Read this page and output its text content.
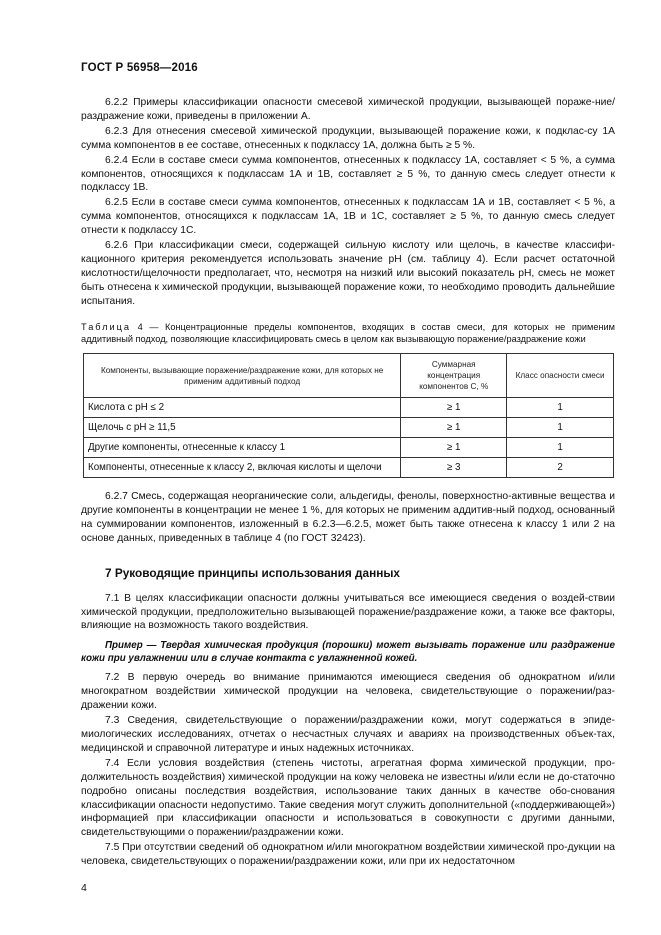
ГОСТ Р 56958—2016

6.2.2 Примеры классификации опасности смесевой химической продукции, вызывающей пораже-ние/раздражение кожи, приведены в приложении А.

6.2.3 Для отнесения смесевой химической продукции, вызывающей поражение кожи, к подклас-су 1А сумма компонентов в ее составе, отнесенных к подклассу 1А, должна быть ≥ 5 %.

6.2.4 Если в составе смеси сумма компонентов, отнесенных к подклассу 1А, составляет < 5 %, а сумма компонентов, относящихся к подклассам 1А и 1В, составляет ≥ 5 %, то данную смесь следует отнести к подклассу 1В.

6.2.5 Если в составе смеси сумма компонентов, отнесенных к подклассам 1А и 1В, составляет < 5 %, а сумма компонентов, относящихся к подклассам 1А, 1В и 1С, составляет ≥ 5 %, то данную смесь следует отнести к подклассу 1С.

6.2.6 При классификации смеси, содержащей сильную кислоту или щелочь, в качестве классифи-кационного критерия рекомендуется использовать значение рН (см. таблицу 4). Если расчет остаточной кислотности/щелочности предполагает, что, несмотря на низкий или высокий показатель рН, смесь не может быть отнесена к химической продукции, вызывающей поражение кожи, то необходимо проводить дальнейшие испытания.

Таблица 4 — Концентрационные пределы компонентов, входящих в состав смеси, для которых не применим аддитивный подход, позволяющие классифицировать смесь в целом как вызывающую поражение/раздражение кожи
Компоненты, вызывающие поражение/раздражение кожи, для которых не применим аддитивный подход	Суммарная концентрация компонентов С, %	Класс опасности смеси
Кислота с рН ≤ 2	≥ 1	1
Щелочь с рН ≥ 11,5	≥ 1	1
Другие компоненты, отнесенные к классу 1	≥ 1	1
Компоненты, отнесенные к классу 2, включая кислоты и щелочи	≥ 3	2

6.2.7 Смесь, содержащая неорганические соли, альдегиды, фенолы, поверхностно-активные вещества и другие компоненты в концентрации не менее 1 %, для которых не применим аддитив-ный подход, основанный на суммировании компонентов, изложенный в 6.2.3—6.2.5, может быть также отнесена к классу 1 или 2 на основе данных, приведенных в таблице 4 (по ГОСТ 32423).

7 Руководящие принципы использования данных

7.1 В целях классификации опасности должны учитываться все имеющиеся сведения о воздей-ствии химической продукции, предположительно вызывающей поражение/раздражение кожи, а также все факторы, влияющие на возможность такого воздействия.

Пример — Твердая химическая продукция (порошки) может вызывать поражение или раздражение кожи при увлажнении или в случае контакта с увлажненной кожей.

7.2 В первую очередь во внимание принимаются имеющиеся сведения об однократном и/или многократном воздействии химической продукции на человека, свидетельствующие о поражении/раз-дражении кожи.

7.3 Сведения, свидетельствующие о поражении/раздражении кожи, могут содержаться в эпиде-миологических исследованиях, отчетах о несчастных случаях и авариях на производственных объек-тах, медицинской и справочной литературе и иных надежных источниках.

7.4 Если условия воздействия (степень чистоты, агрегатная форма химической продукции, про-должительность воздействия) химической продукции на кожу человека не известны и/или если не до-статочно подробно описаны последствия воздействия, использование таких данных в качестве обо-снования классификации опасности недопустимо. Такие сведения могут служить дополнительной («поддерживающей») информацией при классификации опасности и использоваться в совокупности с другими данными, свидетельствующими о поражении/раздражении кожи.

7.5 При отсутствии сведений об однократном и/или многократном воздействии химической про-дукции на человека, свидетельствующих о поражении/раздражении кожи, или при их недостаточном

4
